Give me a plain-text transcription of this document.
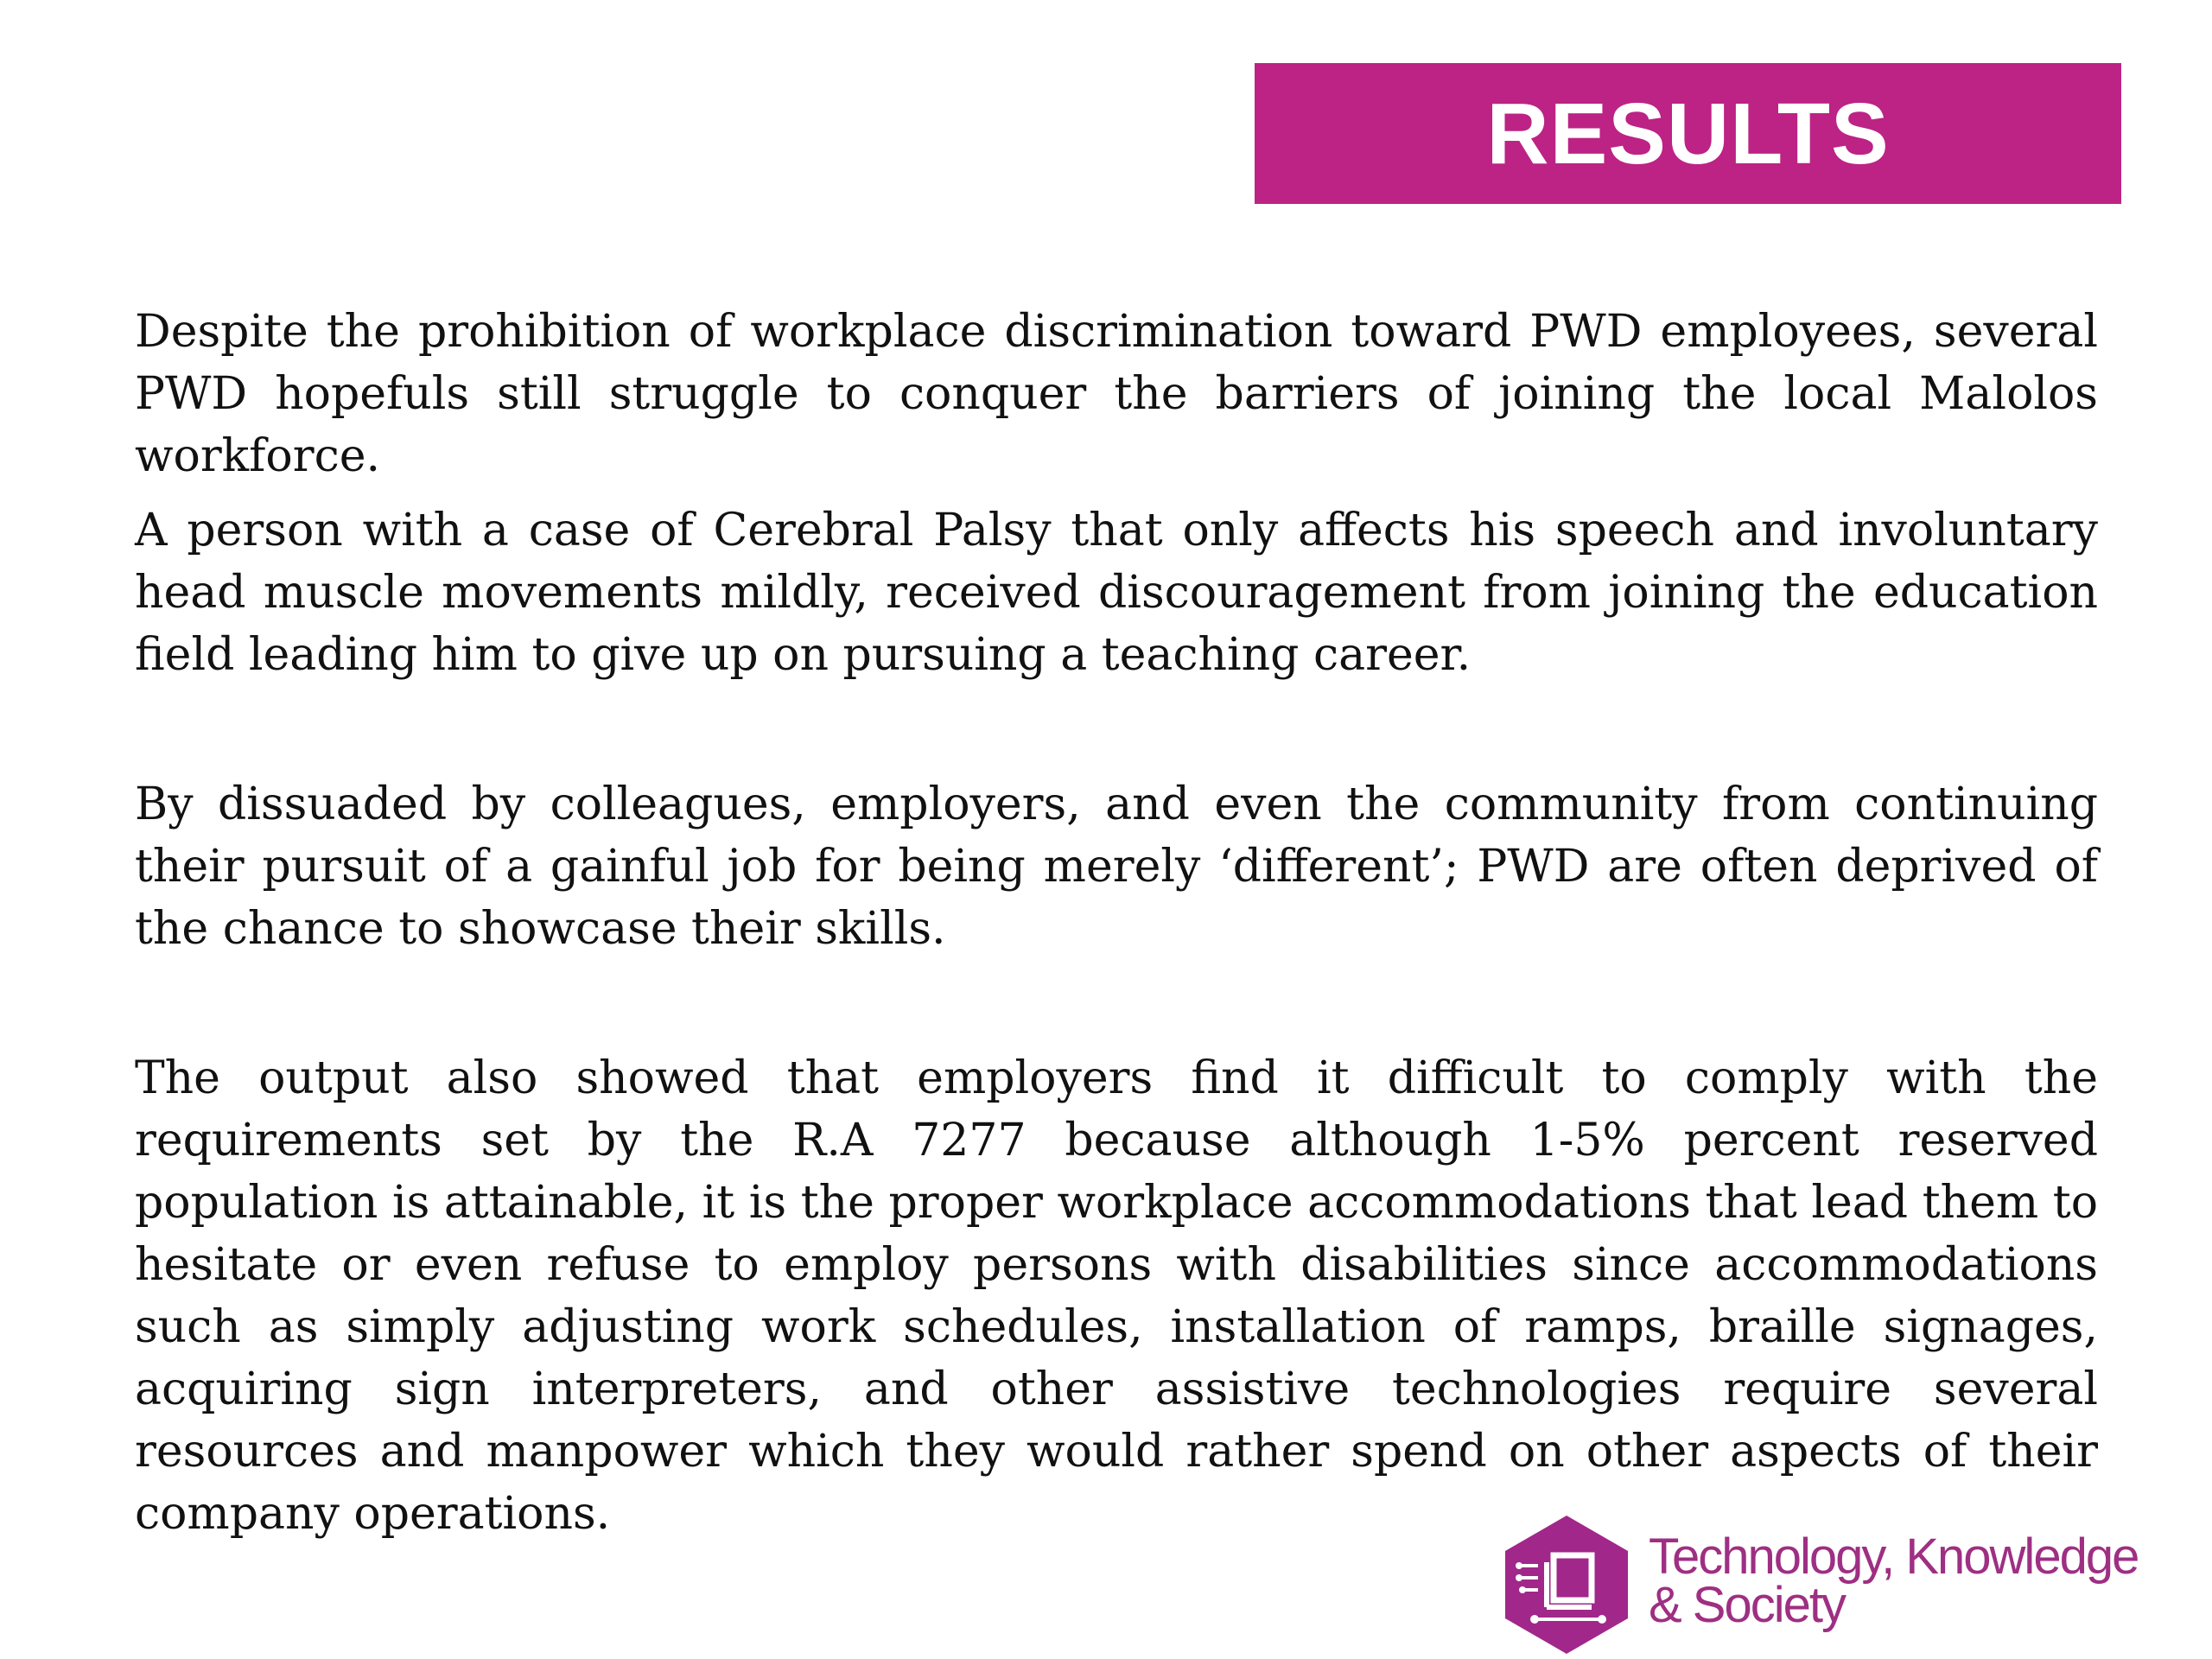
RESULTS

Despite the prohibition of workplace discrimination toward PWD employees, several PWD hopefuls still struggle to conquer the barriers of joining the local Malolos workforce.

A person with a case of Cerebral Palsy that only affects his speech and involuntary head muscle movements mildly, received discouragement from joining the education field leading him to give up on pursuing a teaching career.

By dissuaded by colleagues, employers, and even the community from continuing their pursuit of a gainful job for being merely ‘different’; PWD are often deprived of the chance to showcase their skills.

The output also showed that employers find it difficult to comply with the requirements set by the R.A 7277 because although 1-5% percent reserved population is attainable, it is the proper workplace accommodations that lead them to hesitate or even refuse to employ persons with disabilities since accommodations such as simply adjusting work schedules, installation of ramps, braille signages, acquiring sign interpreters, and other assistive technologies require several resources and manpower which they would rather spend on other aspects of their company operations.

Technology, Knowledge
& Society
